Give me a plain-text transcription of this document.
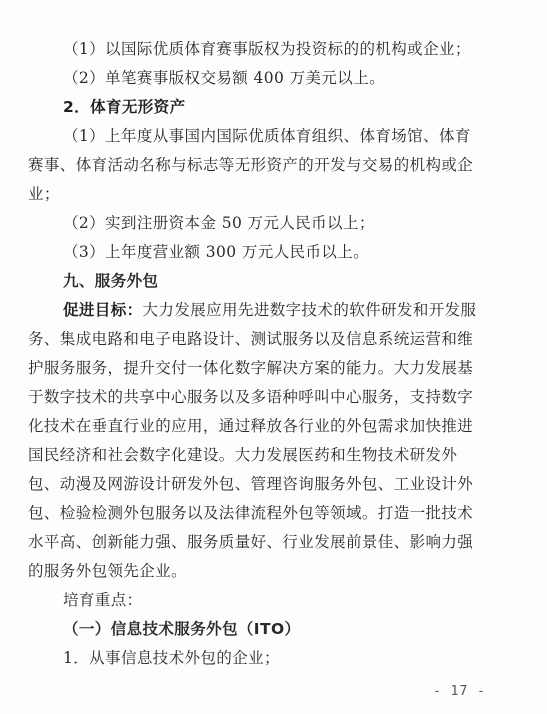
（1）以国际优质体育赛事版权为投资标的的机构或企业；
（2）单笔赛事版权交易额 400 万美元以上。
2．体育无形资产
（1）上年度从事国内国际优质体育组织、体育场馆、体育
赛事、体育活动名称与标志等无形资产的开发与交易的机构或企
业；
（2）实到注册资本金 50 万元人民币以上；
（3）上年度营业额 300 万元人民币以上。
九、服务外包
促进目标：大力发展应用先进数字技术的软件研发和开发服
务、集成电路和电子电路设计、测试服务以及信息系统运营和维
护服务服务，提升交付一体化数字解决方案的能力。大力发展基
于数字技术的共享中心服务以及多语种呼叫中心服务，支持数字
化技术在垂直行业的应用，通过释放各行业的外包需求加快推进
国民经济和社会数字化建设。大力发展医药和生物技术研发外
包、动漫及网游设计研发外包、管理咨询服务外包、工业设计外
包、检验检测外包服务以及法律流程外包等领域。打造一批技术
水平高、创新能力强、服务质量好、行业发展前景佳、影响力强
的服务外包领先企业。
培育重点：
（一）信息技术服务外包（ITO）
1．从事信息技术外包的企业；
- 17 -
